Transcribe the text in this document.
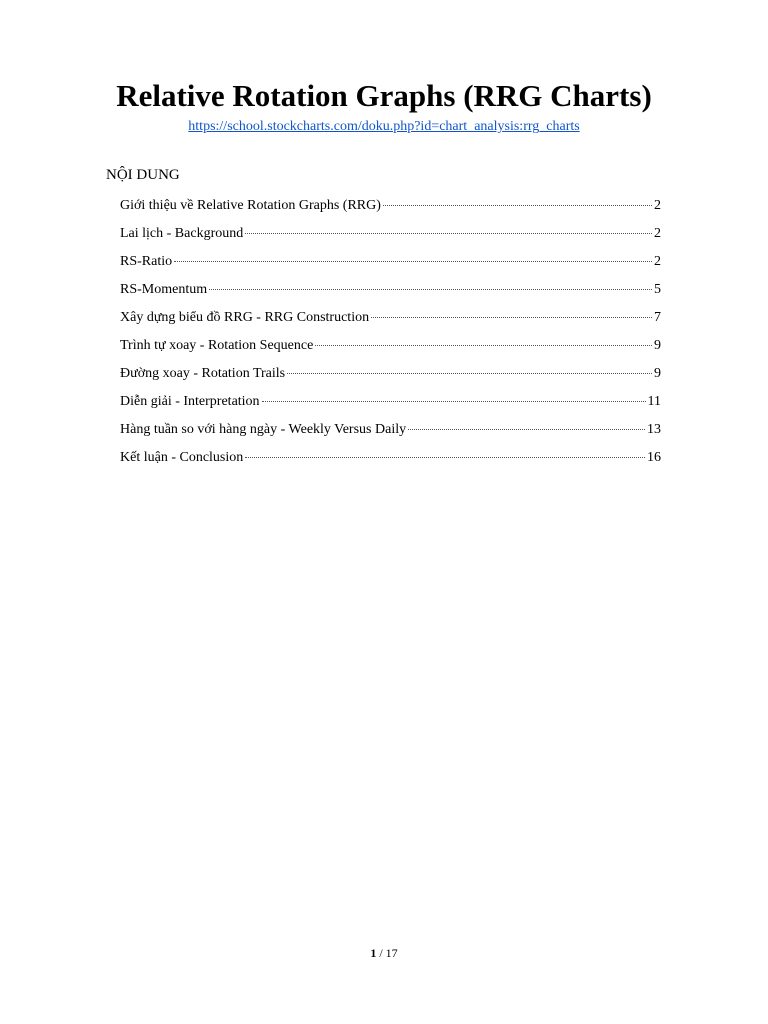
Relative Rotation Graphs (RRG Charts)
https://school.stockcharts.com/doku.php?id=chart_analysis:rrg_charts
NỘI DUNG
Giới thiệu về Relative Rotation Graphs (RRG)	2
Lai lịch - Background	2
RS-Ratio	2
RS-Momentum	5
Xây dựng biểu đồ RRG - RRG Construction	7
Trình tự xoay - Rotation Sequence	9
Đường xoay - Rotation Trails	9
Diễn giải - Interpretation	11
Hàng tuần so với hàng ngày - Weekly Versus Daily	13
Kết luận - Conclusion	16
1 / 17
